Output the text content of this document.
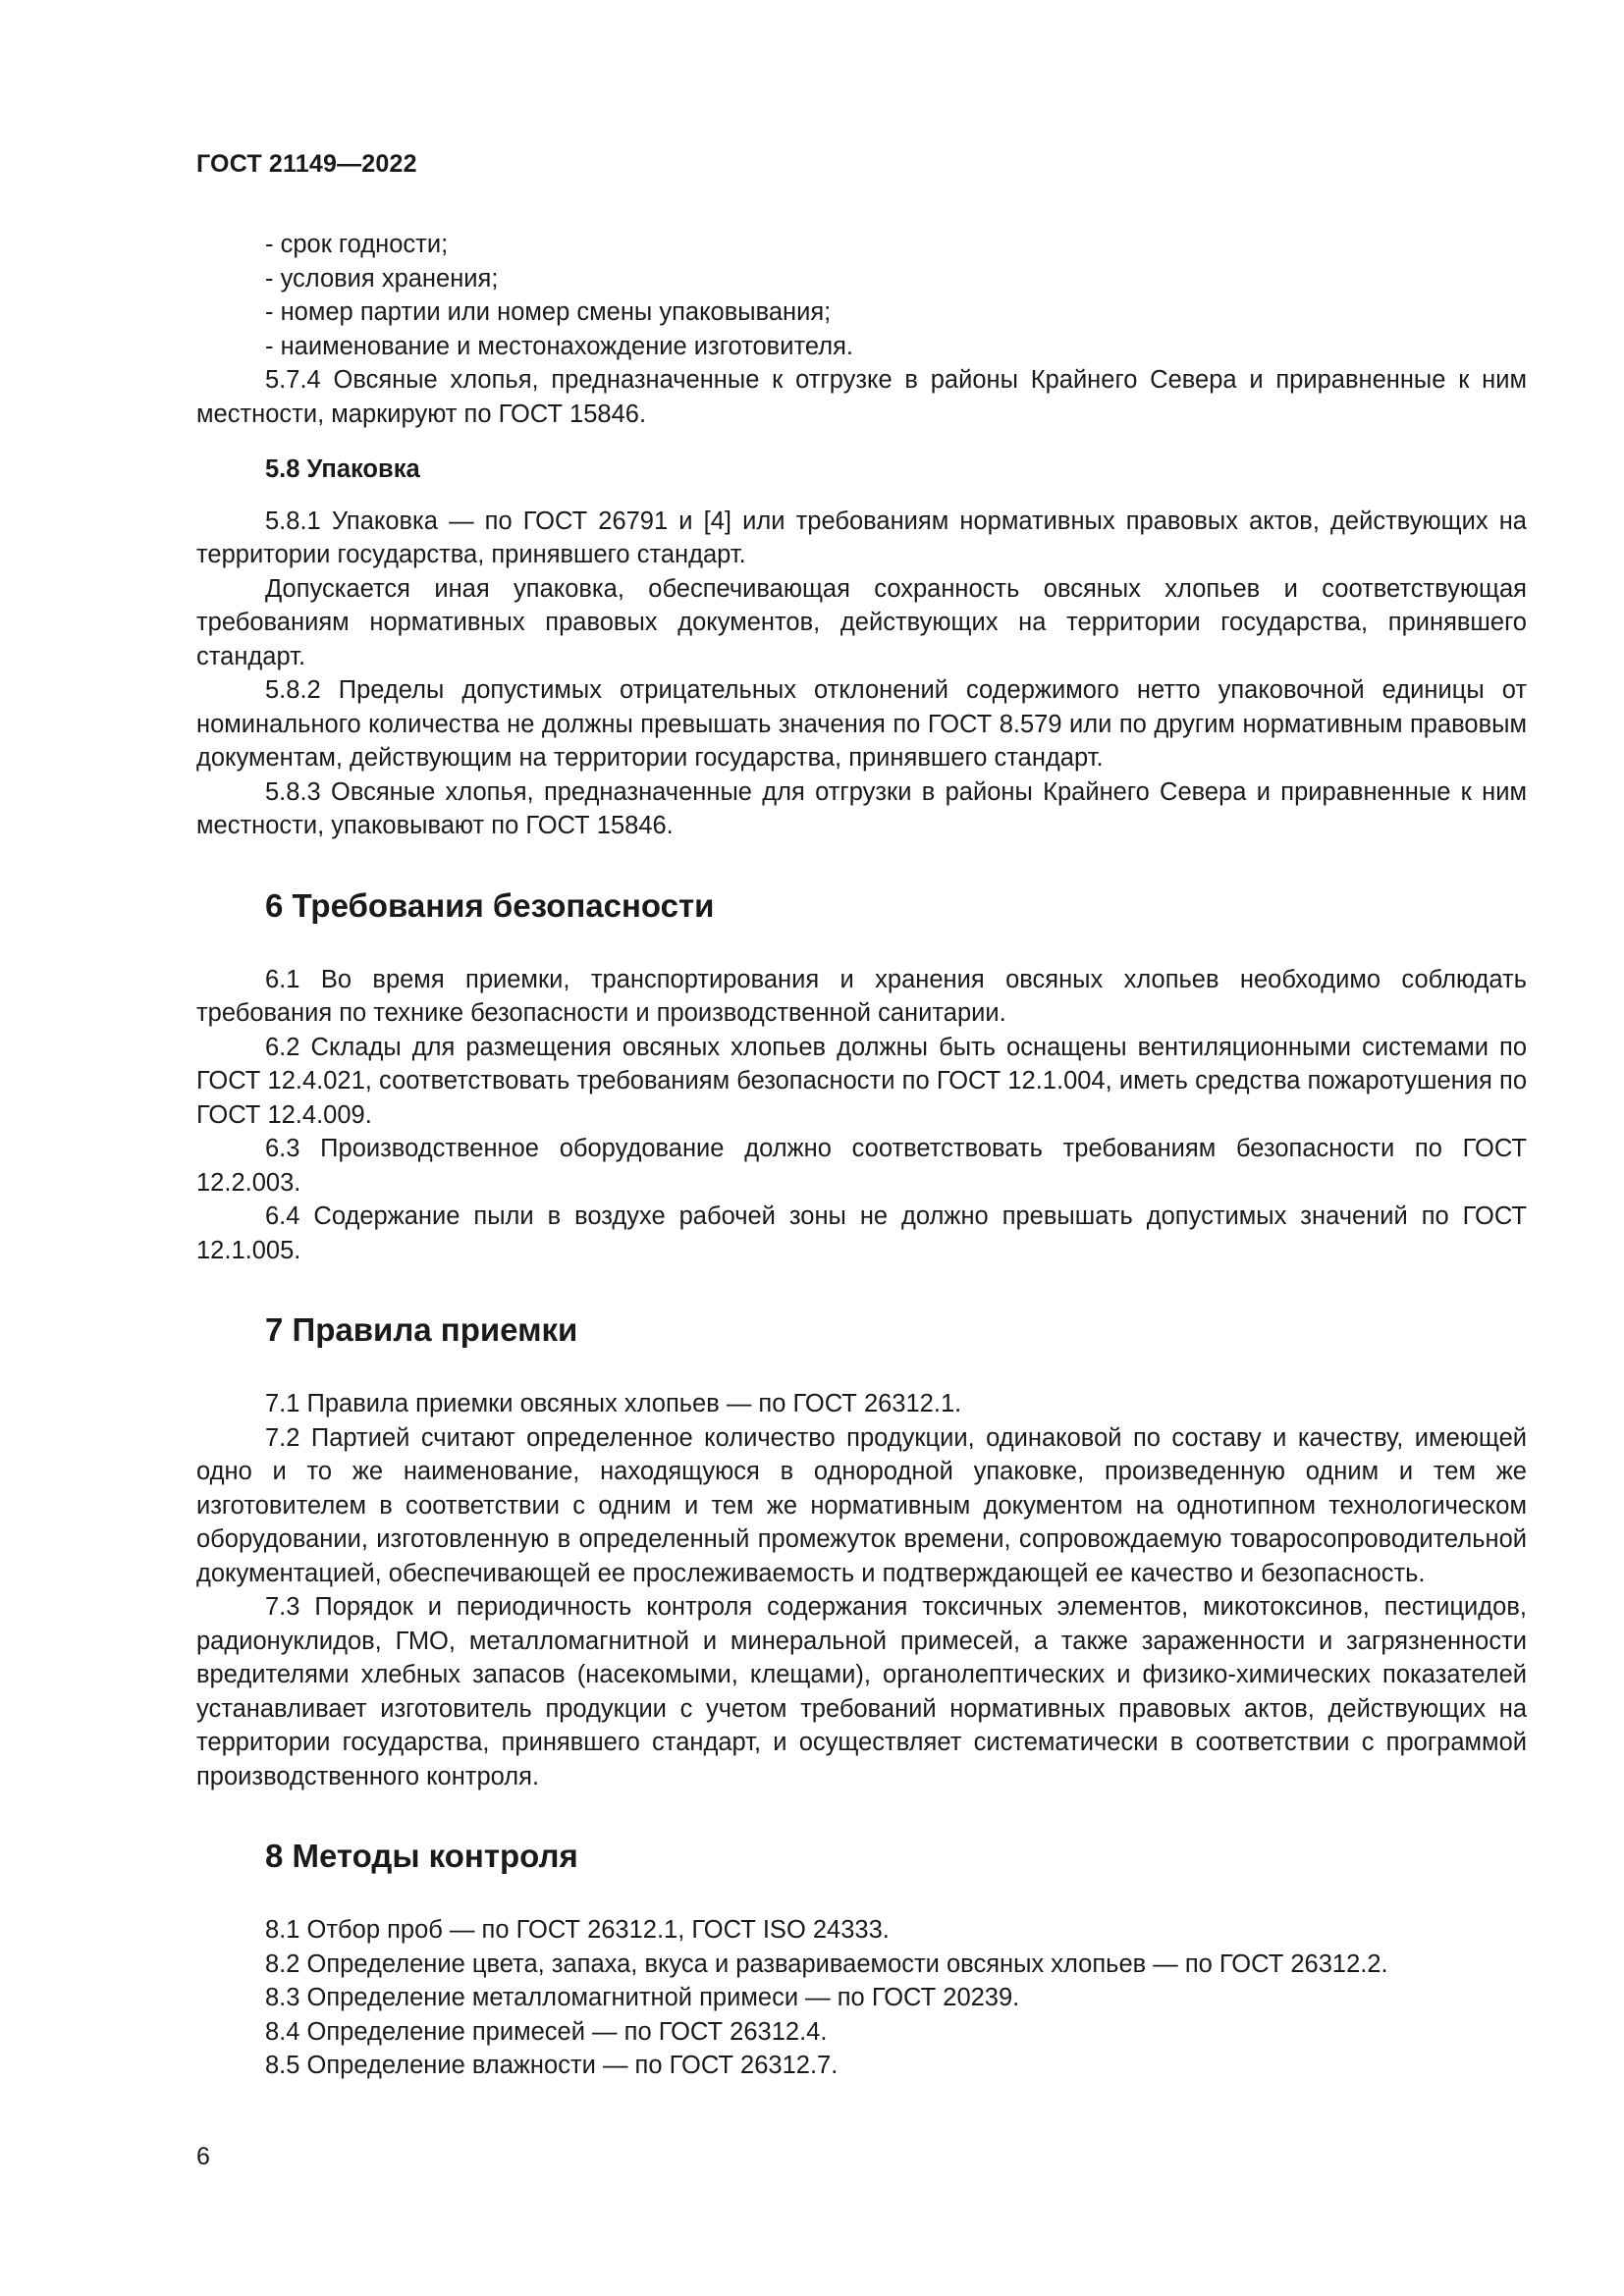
ГОСТ 21149—2022

- срок годности;

- условия хранения;

- номер партии или номер смены упаковывания;

- наименование и местонахождение изготовителя.

5.7.4 Овсяные хлопья, предназначенные к отгрузке в районы Крайнего Севера и приравненные к ним местности, маркируют по ГОСТ 15846.

5.8 Упаковка

5.8.1 Упаковка — по ГОСТ 26791 и [4] или требованиям нормативных правовых актов, действующих на территории государства, принявшего стандарт.

Допускается иная упаковка, обеспечивающая сохранность овсяных хлопьев и соответствующая требованиям нормативных правовых документов, действующих на территории государства, принявшего стандарт.

5.8.2 Пределы допустимых отрицательных отклонений содержимого нетто упаковочной единицы от номинального количества не должны превышать значения по ГОСТ 8.579 или по другим нормативным правовым документам, действующим на территории государства, принявшего стандарт.

5.8.3 Овсяные хлопья, предназначенные для отгрузки в районы Крайнего Севера и приравненные к ним местности, упаковывают по ГОСТ 15846.

6 Требования безопасности

6.1 Во время приемки, транспортирования и хранения овсяных хлопьев необходимо соблюдать требования по технике безопасности и производственной санитарии.

6.2 Склады для размещения овсяных хлопьев должны быть оснащены вентиляционными системами по ГОСТ 12.4.021, соответствовать требованиям безопасности по ГОСТ 12.1.004, иметь средства пожаротушения по ГОСТ 12.4.009.

6.3 Производственное оборудование должно соответствовать требованиям безопасности по ГОСТ 12.2.003.

6.4 Содержание пыли в воздухе рабочей зоны не должно превышать допустимых значений по ГОСТ 12.1.005.

7 Правила приемки

7.1 Правила приемки овсяных хлопьев — по ГОСТ 26312.1.

7.2 Партией считают определенное количество продукции, одинаковой по составу и качеству, имеющей одно и то же наименование, находящуюся в однородной упаковке, произведенную одним и тем же изготовителем в соответствии с одним и тем же нормативным документом на однотипном технологическом оборудовании, изготовленную в определенный промежуток времени, сопровождаемую товаросопроводительной документацией, обеспечивающей ее прослеживаемость и подтверждающей ее качество и безопасность.

7.3 Порядок и периодичность контроля содержания токсичных элементов, микотоксинов, пестицидов, радионуклидов, ГМО, металломагнитной и минеральной примесей, а также зараженности и загрязненности вредителями хлебных запасов (насекомыми, клещами), органолептических и физико-химических показателей устанавливает изготовитель продукции с учетом требований нормативных правовых актов, действующих на территории государства, принявшего стандарт, и осуществляет систематически в соответствии с программой производственного контроля.

8 Методы контроля

8.1 Отбор проб — по ГОСТ 26312.1, ГОСТ ISO 24333.

8.2 Определение цвета, запаха, вкуса и развариваемости овсяных хлопьев — по ГОСТ 26312.2.

8.3 Определение металломагнитной примеси — по ГОСТ 20239.

8.4 Определение примесей — по ГОСТ 26312.4.

8.5 Определение влажности — по ГОСТ 26312.7.

6
